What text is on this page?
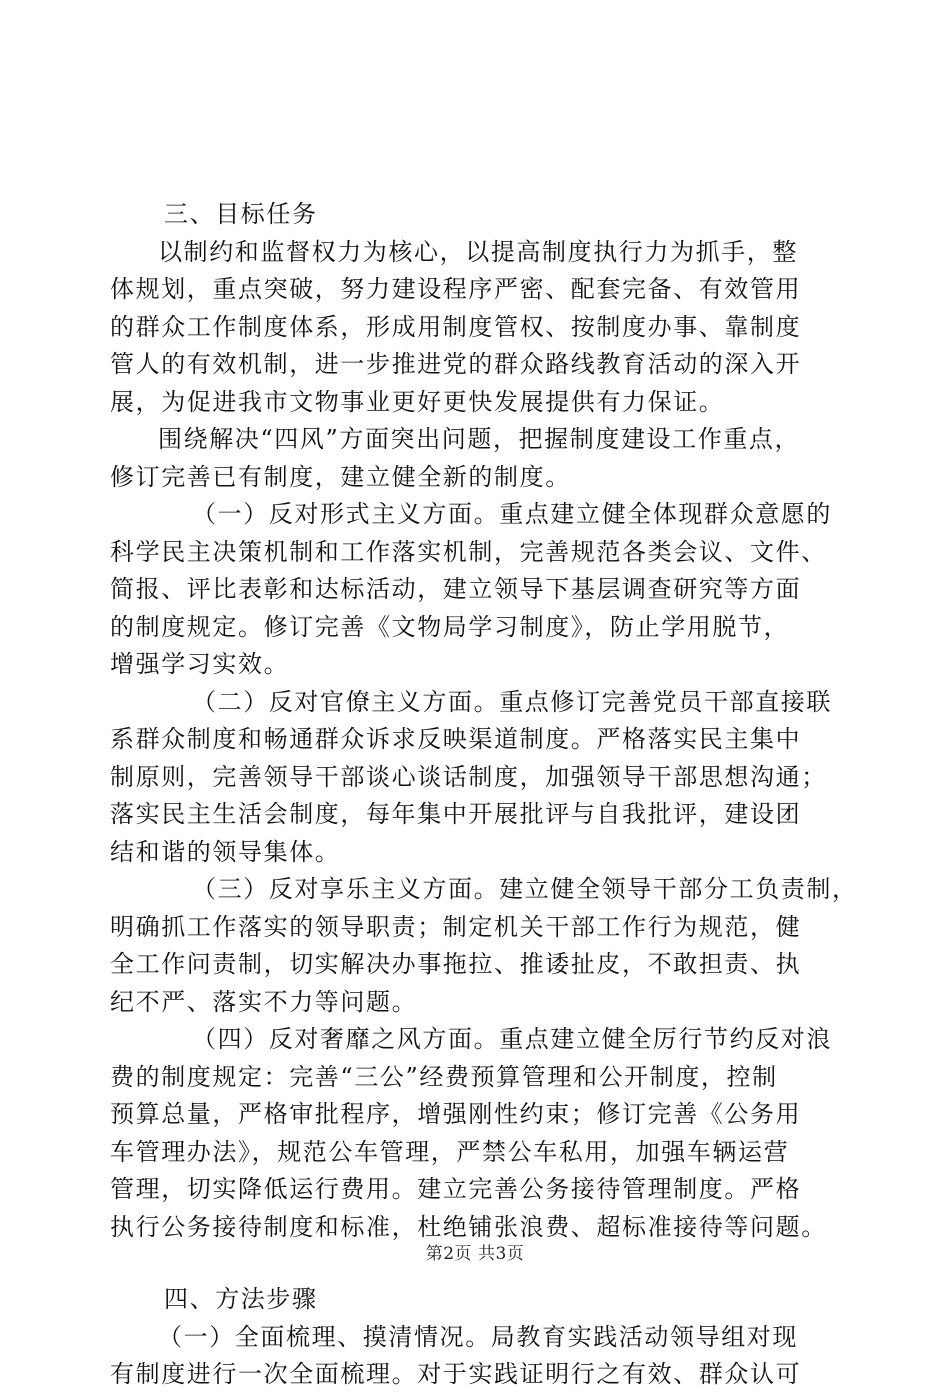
三、目标任务
以制约和监督权力为核心，以提高制度执行力为抓手，整
体规划，重点突破，努力建设程序严密、配套完备、有效管用
的群众工作制度体系，形成用制度管权、按制度办事、靠制度
管人的有效机制，进一步推进党的群众路线教育活动的深入开
展，为促进我市文物事业更好更快发展提供有力保证。
围绕解决“四风”方面突出问题，把握制度建设工作重点，
修订完善已有制度，建立健全新的制度。
（一）反对形式主义方面。重点建立健全体现群众意愿的
科学民主决策机制和工作落实机制，完善规范各类会议、文件、
简报、评比表彰和达标活动，建立领导下基层调查研究等方面
的制度规定。修订完善《文物局学习制度》，防止学用脱节，
增强学习实效。
（二）反对官僚主义方面。重点修订完善党员干部直接联
系群众制度和畅通群众诉求反映渠道制度。严格落实民主集中
制原则，完善领导干部谈心谈话制度，加强领导干部思想沟通；
落实民主生活会制度，每年集中开展批评与自我批评，建设团
结和谐的领导集体。
（三）反对享乐主义方面。建立健全领导干部分工负责制，
明确抓工作落实的领导职责；制定机关干部工作行为规范，健
全工作问责制，切实解决办事拖拉、推诿扯皮，不敢担责、执
纪不严、落实不力等问题。
（四）反对奢靡之风方面。重点建立健全厉行节约反对浪
费的制度规定：完善“三公”经费预算管理和公开制度，控制
预算总量，严格审批程序，增强刚性约束；修订完善《公务用
车管理办法》，规范公车管理，严禁公车私用，加强车辆运营
管理，切实降低运行费用。建立完善公务接待管理制度。严格
执行公务接待制度和标准，杜绝铺张浪费、超标准接待等问题。
四、方法步骤
（一）全面梳理、摸清情况。局教育实践活动领导组对现
有制度进行一次全面梳理。对于实践证明行之有效、群众认可
第2页 共3页
